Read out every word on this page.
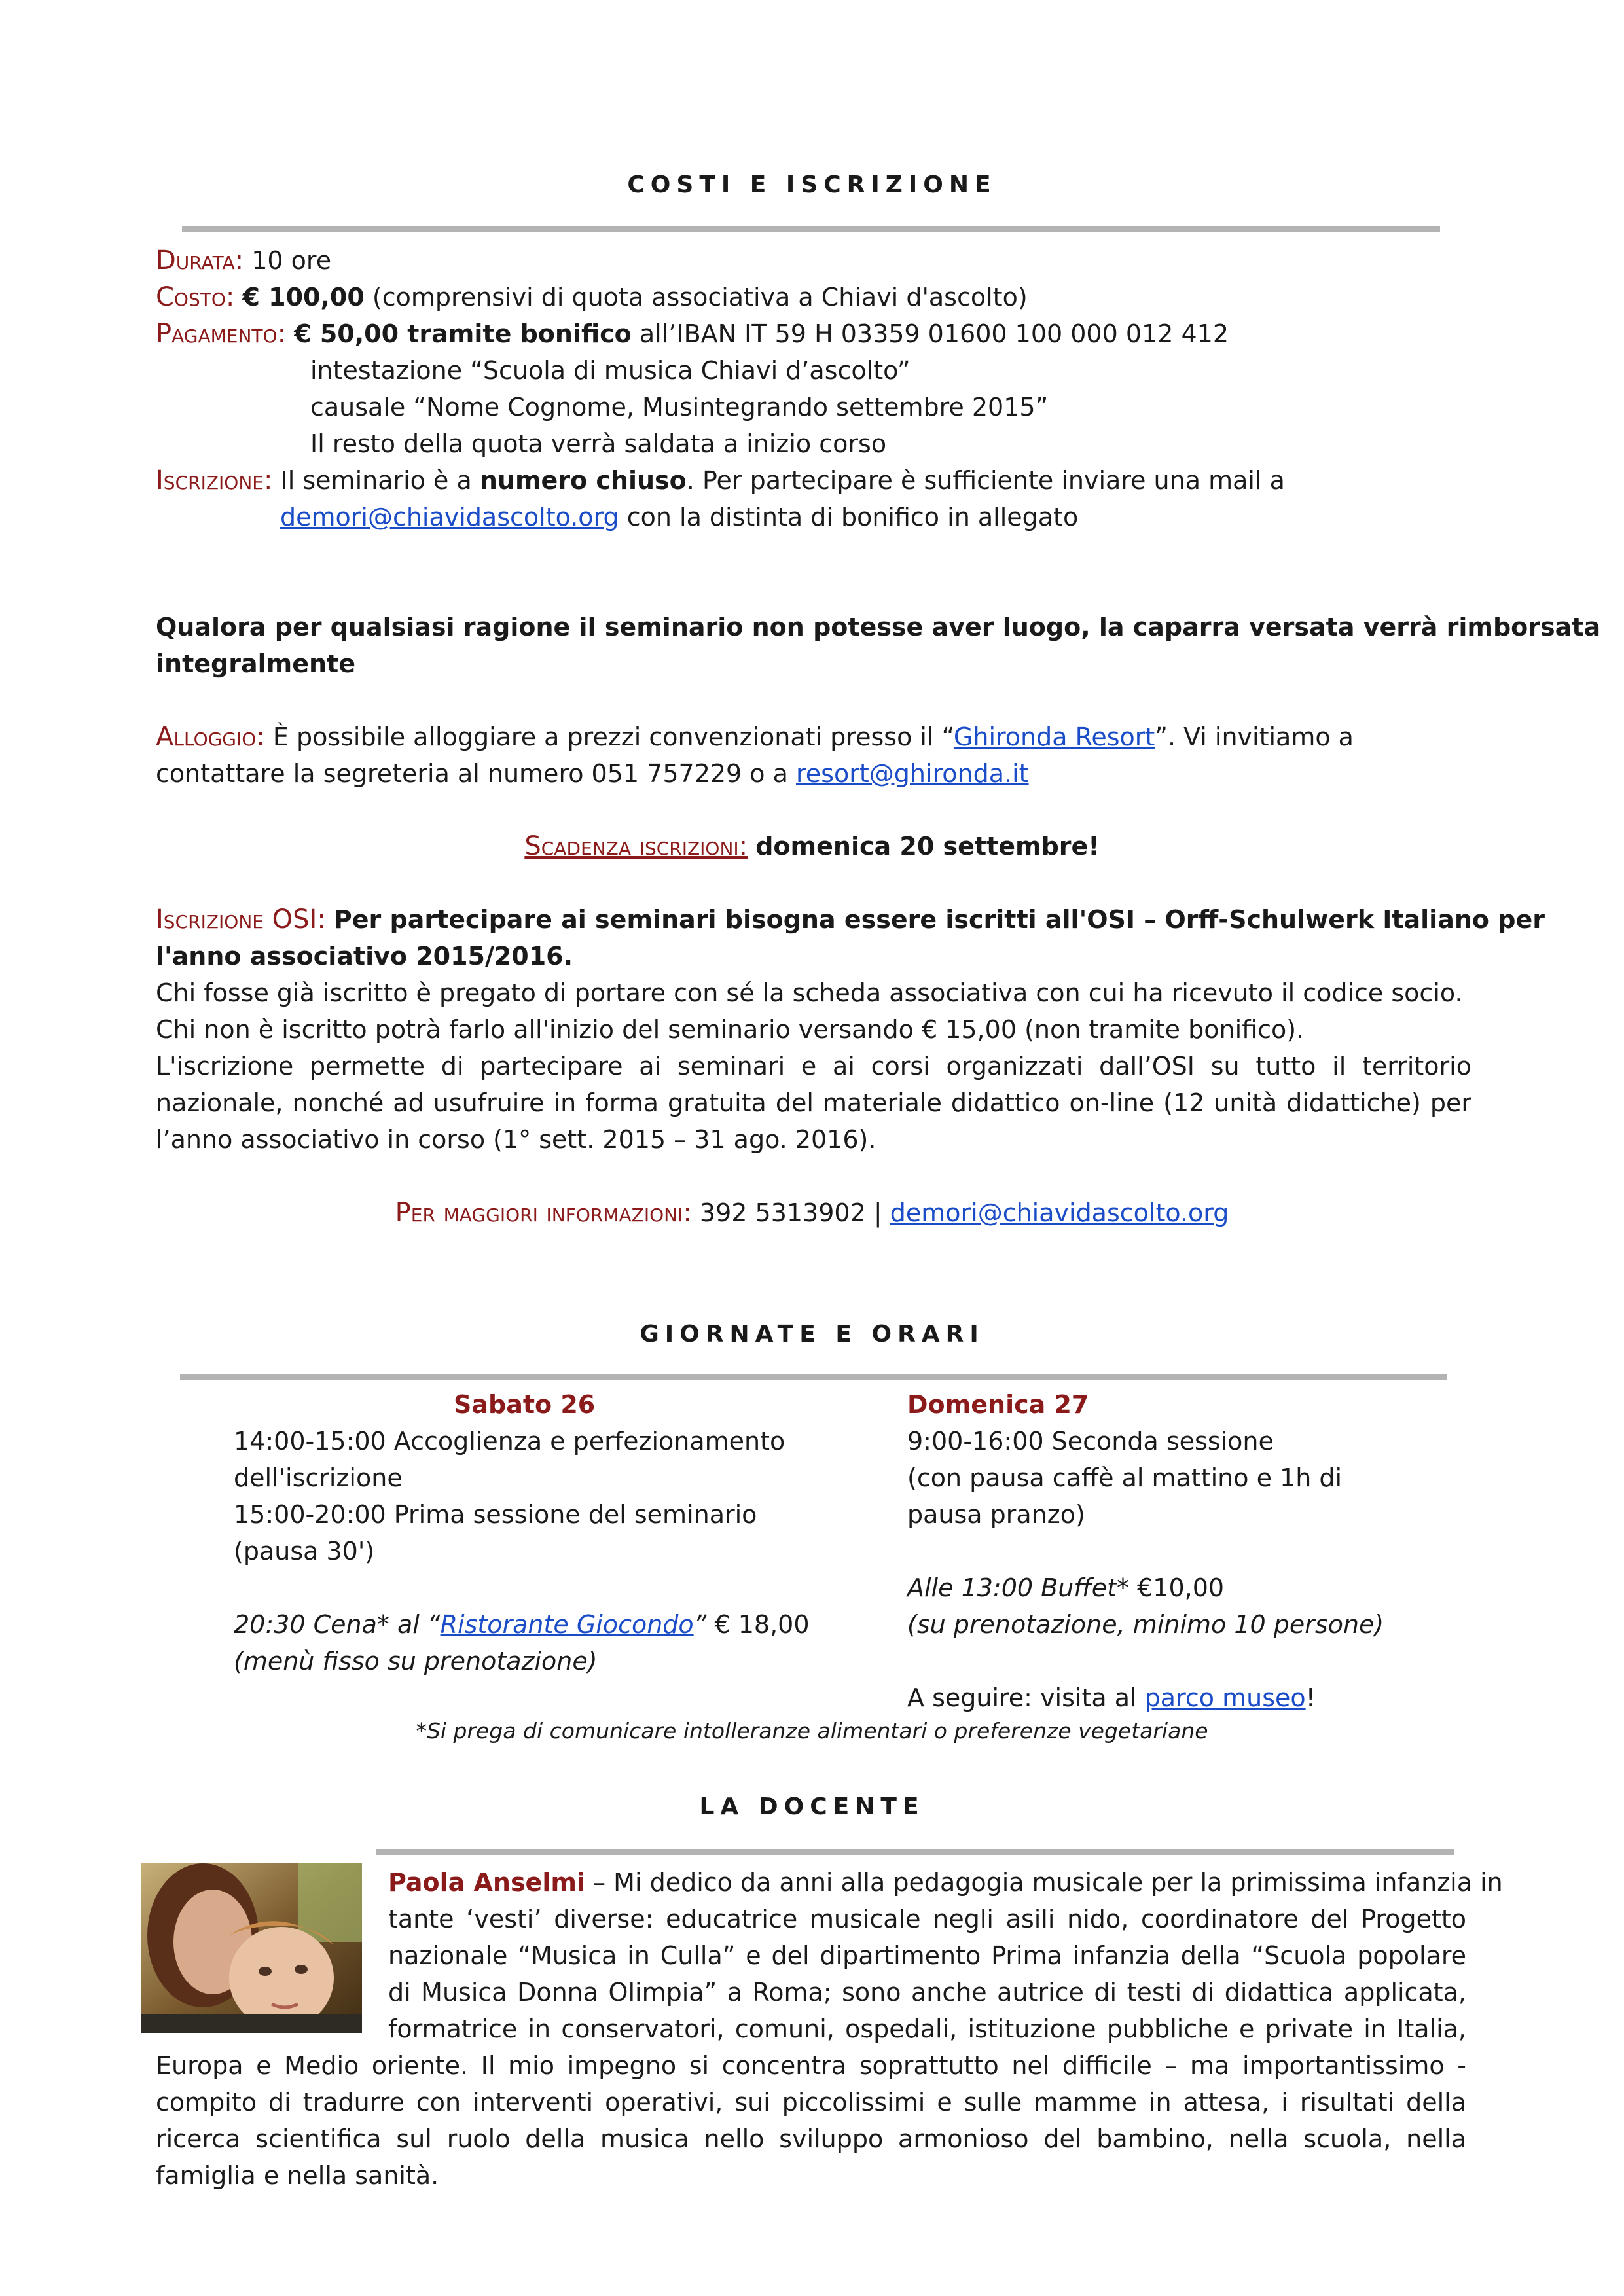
COSTI E ISCRIZIONE
Durata: 10 ore
Costo: € 100,00 (comprensivi di quota associativa a Chiavi d'ascolto)
Pagamento: € 50,00 tramite bonifico all’IBAN IT 59 H 03359 01600 100 000 012 412
intestazione “Scuola di musica Chiavi d’ascolto”
causale “Nome Cognome, Musintegrando settembre 2015”
Il resto della quota verrà saldata a inizio corso
Iscrizione: Il seminario è a numero chiuso. Per partecipare è sufficiente inviare una mail a
demori@chiavidascolto.org con la distinta di bonifico in allegato
Qualora per qualsiasi ragione il seminario non potesse aver luogo, la caparra versata verrà rimborsata
integralmente
Alloggio: È possibile alloggiare a prezzi convenzionati presso il “Ghironda Resort”. Vi invitiamo a
contattare la segreteria al numero 051 757229 o a resort@ghironda.it
Scadenza iscrizioni: domenica 20 settembre!
Iscrizione OSI: Per partecipare ai seminari bisogna essere iscritti all'OSI – Orff-Schulwerk Italiano per
l'anno associativo 2015/2016.
Chi fosse già iscritto è pregato di portare con sé la scheda associativa con cui ha ricevuto il codice socio.
Chi non è iscritto potrà farlo all'inizio del seminario versando € 15,00 (non tramite bonifico).
L'iscrizione permette di partecipare ai seminari e ai corsi organizzati dall’OSI su tutto il territorio
nazionale, nonché ad usufruire in forma gratuita del materiale didattico on-line (12 unità didattiche) per
l’anno associativo in corso (1° sett. 2015 – 31 ago. 2016).
Per maggiori informazioni: 392 5313902 | demori@chiavidascolto.org
GIORNATE E ORARI
Sabato 26
14:00-15:00 Accoglienza e perfezionamento
dell'iscrizione
15:00-20:00 Prima sessione del seminario
(pausa 30')
20:30 Cena* al “Ristorante Giocondo” € 18,00
(menù fisso su prenotazione)
Domenica 27
9:00-16:00 Seconda sessione
(con pausa caffè al mattino e 1h di
pausa pranzo)
Alle 13:00 Buffet* €10,00
(su prenotazione, minimo 10 persone)
A seguire: visita al parco museo!
*Si prega di comunicare intolleranze alimentari o preferenze vegetariane
LA DOCENTE
Paola Anselmi – Mi dedico da anni alla pedagogia musicale per la primissima infanzia in
tante ‘vesti’ diverse: educatrice musicale negli asili nido, coordinatore del Progetto
nazionale “Musica in Culla” e del dipartimento Prima infanzia della “Scuola popolare
di Musica Donna Olimpia” a Roma; sono anche autrice di testi di didattica applicata,
formatrice in conservatori, comuni, ospedali, istituzione pubbliche e private in Italia,
Europa e Medio oriente. Il mio impegno si concentra soprattutto nel difficile – ma importantissimo -
compito di tradurre con interventi operativi, sui piccolissimi e sulle mamme in attesa, i risultati della
ricerca scientifica sul ruolo della musica nello sviluppo armonioso del bambino, nella scuola, nella
famiglia e nella sanità.
